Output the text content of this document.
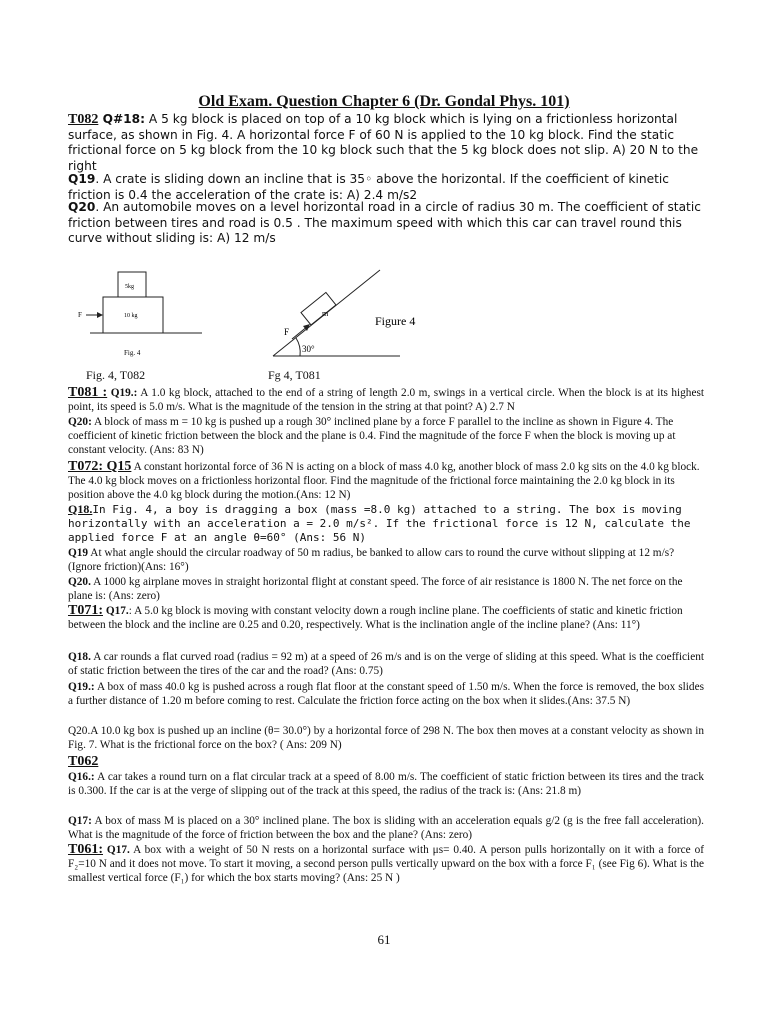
Old Exam. Question Chapter 6 (Dr. Gondal Phys. 101)

T082 Q#18: A 5 kg block is placed on top of a 10 kg block which is lying on a frictionless horizontal surface, as shown in Fig. 4. A horizontal force F of 60 N is applied to the 10 kg block. Find the static frictional force on 5 kg block from the 10 kg block such that the 5 kg block does not slip. A) 20 N to the right

Q19. A crate is sliding down an incline that is 35◦ above the horizontal. If the coefficient of kinetic friction is 0.4 the acceleration of the crate is: A) 2.4 m/s2

Q20. An automobile moves on a level horizontal road in a circle of radius 30 m. The coefficient of static friction between tires and road is 0.5 . The maximum speed with which this car can travel round this curve without sliding is: A) 12 m/s

5kg
10 kg
F
Fig. 4
m
F
30°
Figure 4
Fig. 4, T082	Fg 4, T081

T081 : Q19.: A 1.0 kg block, attached to the end of a string of length 2.0 m, swings in a vertical circle. When the block is at its highest point, its speed is 5.0 m/s. What is the magnitude of the tension in the string at that point? A) 2.7 N

Q20: A block of mass m = 10 kg is pushed up a rough 30° inclined plane by a force F parallel to the incline as shown in Figure 4. The coefficient of kinetic friction between the block and the plane is 0.4. Find the magnitude of the force F when the block is moving up at constant velocity. (Ans: 83 N)

T072: Q15 A constant horizontal force of 36 N is acting on a block of mass 4.0 kg, another block of mass 2.0 kg sits on the 4.0 kg block. The 4.0 kg block moves on a frictionless horizontal floor. Find the magnitude of the frictional force maintaining the 2.0 kg block in its position above the 4.0 kg block during the motion.(Ans: 12 N)

Q18.In Fig. 4, a boy is dragging a box (mass =8.0 kg) attached to a string. The box is moving horizontally with an acceleration a = 2.0 m/s². If the frictional force is 12 N, calculate the applied force F at an angle θ=60° (Ans: 56 N)

Q19 At what angle should the circular roadway of 50 m radius, be banked to allow cars to round the curve without slipping at 12 m/s? (Ignore friction)(Ans: 16°)

Q20. A 1000 kg airplane moves in straight horizontal flight at constant speed. The force of air resistance is 1800 N. The net force on the plane is: (Ans: zero)

T071: Q17.: A 5.0 kg block is moving with constant velocity down a rough incline plane. The coefficients of static and kinetic friction between the block and the incline are 0.25 and 0.20, respectively. What is the inclination angle of the incline plane? (Ans: 11°)

Q18. A car rounds a flat curved road (radius = 92 m) at a speed of 26 m/s and is on the verge of sliding at this speed. What is the coefficient of static friction between the tires of the car and the road? (Ans: 0.75)

Q19.: A box of mass 40.0 kg is pushed across a rough flat floor at the constant speed of 1.50 m/s. When the force is removed, the box slides a further distance of 1.20 m before coming to rest. Calculate the friction force acting on the box when it slides.(Ans: 37.5 N)

Q20.A 10.0 kg box is pushed up an incline (θ= 30.0°) by a horizontal force of 298 N. The box then moves at a constant velocity as shown in Fig. 7. What is the frictional force on the box? ( Ans: 209 N)

T062

Q16.: A car takes a round turn on a flat circular track at a speed of 8.00 m/s. The coefficient of static friction between its tires and the track is 0.300. If the car is at the verge of slipping out of the track at this speed, the radius of the track is: (Ans: 21.8 m)

Q17: A box of mass M is placed on a 30° inclined plane. The box is sliding with an acceleration equals g/2 (g is the free fall acceleration). What is the magnitude of the force of friction between the box and the plane? (Ans: zero)

T061: Q17. A box with a weight of 50 N rests on a horizontal surface with μs= 0.40. A person pulls horizontally on it with a force of F₂=10 N and it does not move. To start it moving, a second person pulls vertically upward on the box with a force F₁ (see Fig 6). What is the smallest vertical force (F₁) for which the box starts moving? (Ans: 25 N )

61
